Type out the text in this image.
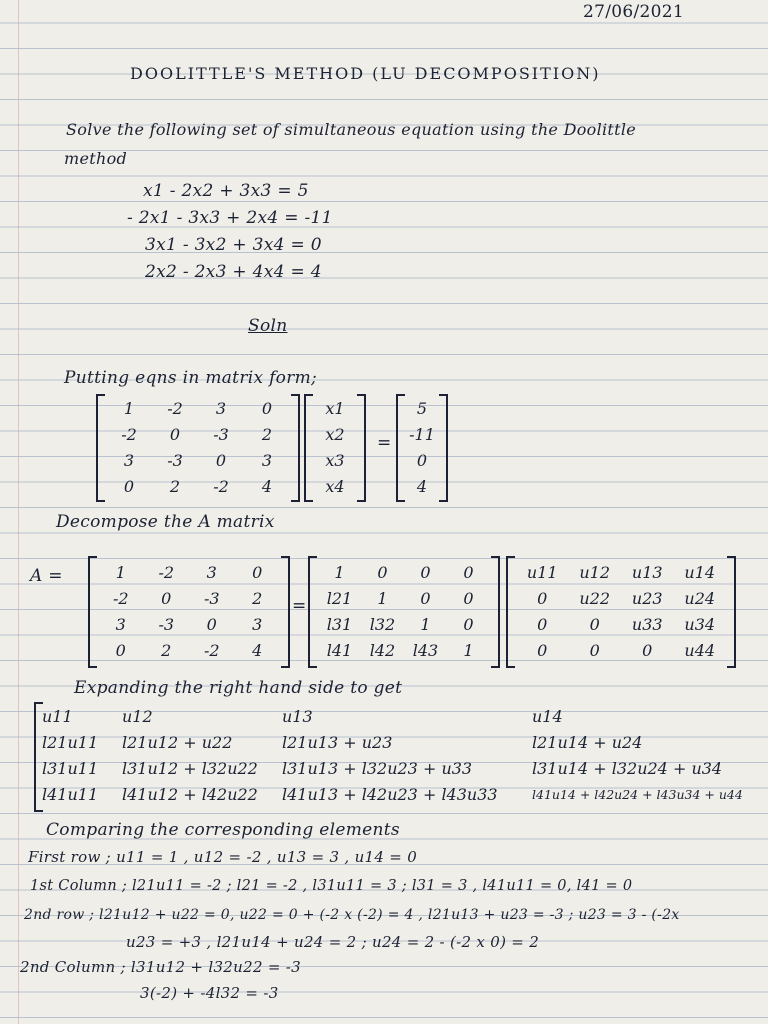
27/06/2021
DOOLITTLE'S METHOD (LU DECOMPOSITION)
Solve the following set of simultaneous equation using the Doolittle
method
x1 - 2x2 + 3x3 = 5
- 2x1 - 3x3 + 2x4 = -11
3x1 - 3x2 + 3x4 = 0
2x2 - 2x3 + 4x4 = 4
Soln
Putting eqns in matrix form;
1	-2	3	0
-2	0	-3	2
3	-3	0	3
0	2	-2	4
x1
x2
x3
x4
=
5
-11
0
4
Decompose the A matrix
A =	1	-2	3	0
-2	0	-3	2
3	-3	0	3
0	2	-2	4
=
1	0	0	0
l21	1	0	0
l31	l32	1	0
l41	l42	l43	1
u11	u12	u13	u14
0	u22	u23	u24
0	0	u33	u34
0	0	0	u44
Expanding the right hand side to get
u11	u12	u13	u14
l21u11	l21u12 + u22	l21u13 + u23	l21u14 + u24
l31u11	l31u12 + l32u22	l31u13 + l32u23 + u33	l31u14 + l32u24 + u34
l41u11	l41u12 + l42u22	l41u13 + l42u23 + l43u33	l41u14 + l42u24 + l43u34 + u44
Comparing the corresponding elements
First row ; u11 = 1 , u12 = -2 , u13 = 3 , u14 = 0
1st Column ; l21u11 = -2 ; l21 = -2 , l31u11 = 3 ; l31 = 3 , l41u11 = 0, l41 = 0
2nd row ; l21u12 + u22 = 0, u22 = 0 + (-2 x (-2) = 4 , l21u13 + u23 = -3 ; u23 = 3 - (-2x
u23 = +3 , l21u14 + u24 = 2 ; u24 = 2 - (-2 x 0) = 2
2nd Column ; l31u12 + l32u22 = -3
3(-2) + -4l32 = -3
